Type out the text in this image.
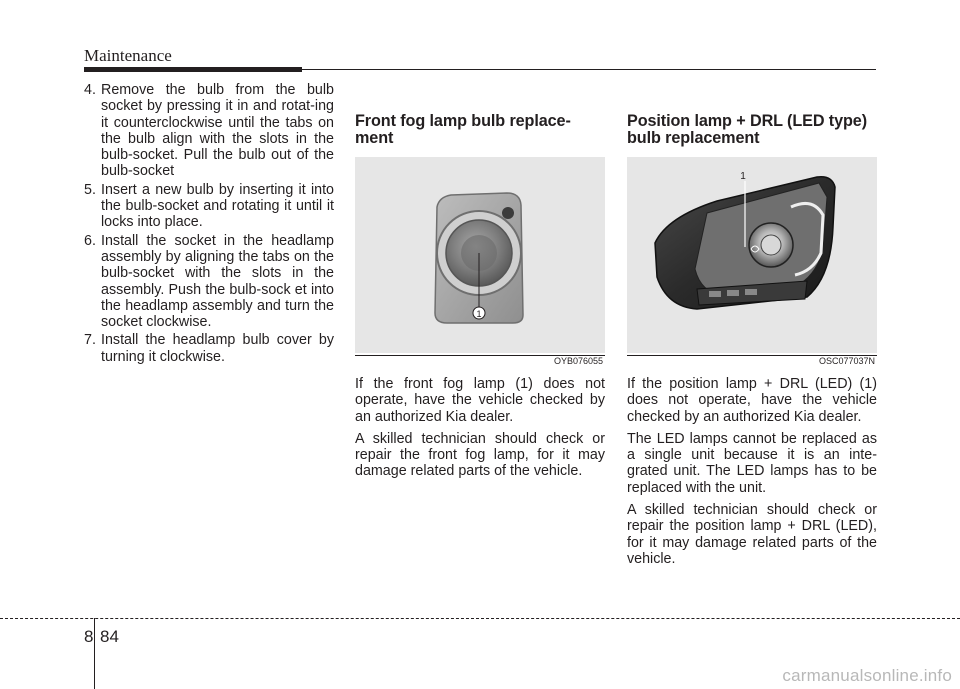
Maintenance
4. Remove the bulb from the bulb socket by pressing it in and rotat-ing it counterclockwise until the tabs on the bulb align with the slots in the bulb-socket. Pull the bulb out of the bulb-socket
5. Insert a new bulb by inserting it into the bulb-socket and rotating it until it locks into place.
6. Install the socket in the headlamp assembly by aligning the tabs on the bulb-socket with the slots in the assembly. Push the bulb-sock et into the headlamp assembly and turn the socket clockwise.
7. Install the headlamp bulb cover by turning it clockwise.
Front fog lamp bulb replace-ment
1
OYB076055

If the front fog lamp (1) does not operate, have the vehicle checked by an authorized Kia dealer.

A skilled technician should check or repair the front fog lamp, for it may damage related parts of the vehicle.

Position lamp + DRL (LED type) bulb replacement
1
OSC077037N

If the position lamp + DRL (LED) (1) does not operate, have the vehicle checked by an authorized Kia dealer.

The LED lamps cannot be replaced as a single unit because it is an inte-grated unit. The LED lamps has to be replaced with the unit.

A skilled technician should check or repair the position lamp + DRL (LED), for it may damage related parts of the vehicle.

8 84
carmanualsonline.info
